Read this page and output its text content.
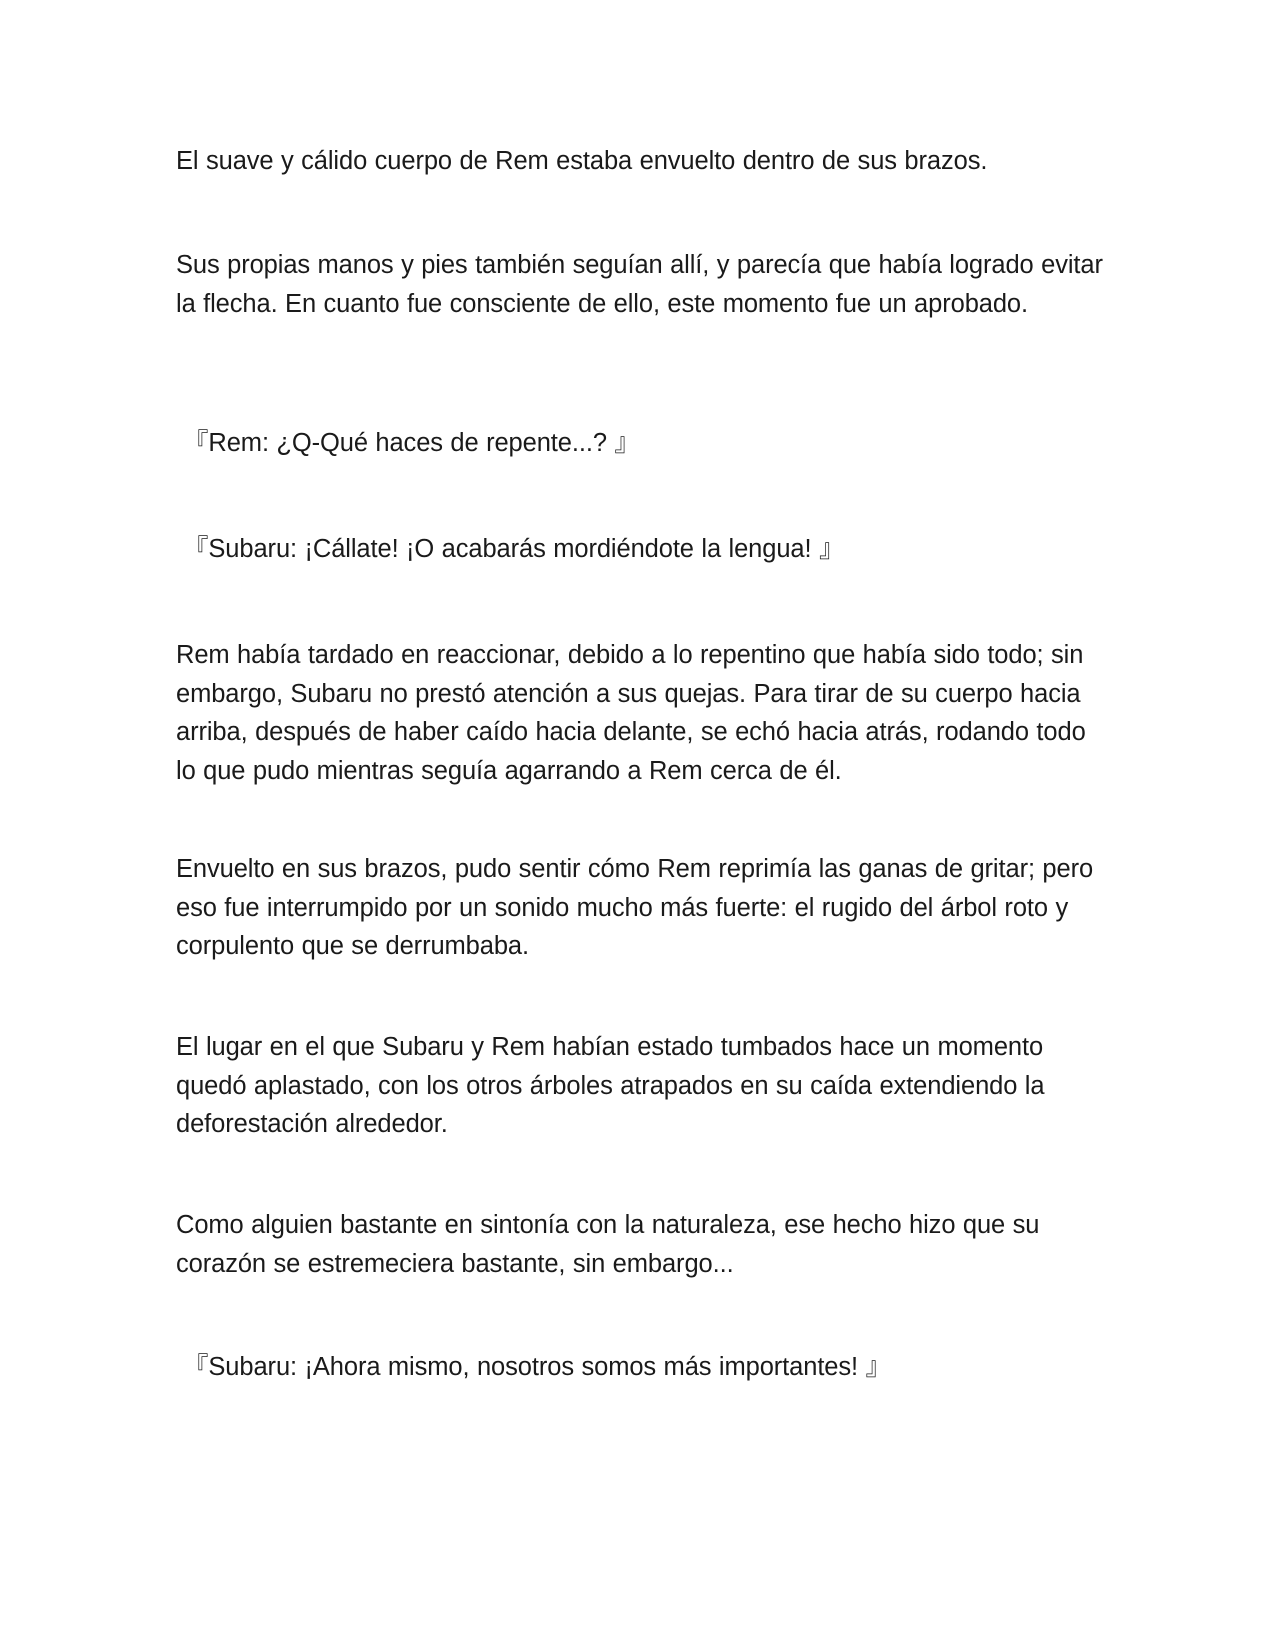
El suave y cálido cuerpo de Rem estaba envuelto dentro de sus brazos.

Sus propias manos y pies también seguían allí, y parecía que había logrado evitar la flecha. En cuanto fue consciente de ello, este momento fue un aprobado.

『Rem: ¿Q-Qué haces de repente...? 』

『Subaru: ¡Cállate! ¡O acabarás mordiéndote la lengua! 』

Rem había tardado en reaccionar, debido a lo repentino que había sido todo; sin embargo, Subaru no prestó atención a sus quejas. Para tirar de su cuerpo hacia arriba, después de haber caído hacia delante, se echó hacia atrás, rodando todo lo que pudo mientras seguía agarrando a Rem cerca de él.

Envuelto en sus brazos, pudo sentir cómo Rem reprimía las ganas de gritar; pero eso fue interrumpido por un sonido mucho más fuerte: el rugido del árbol roto y corpulento que se derrumbaba.

El lugar en el que Subaru y Rem habían estado tumbados hace un momento quedó aplastado, con los otros árboles atrapados en su caída extendiendo la deforestación alrededor.

Como alguien bastante en sintonía con la naturaleza, ese hecho hizo que su corazón se estremeciera bastante, sin embargo...

『Subaru: ¡Ahora mismo, nosotros somos más importantes! 』
